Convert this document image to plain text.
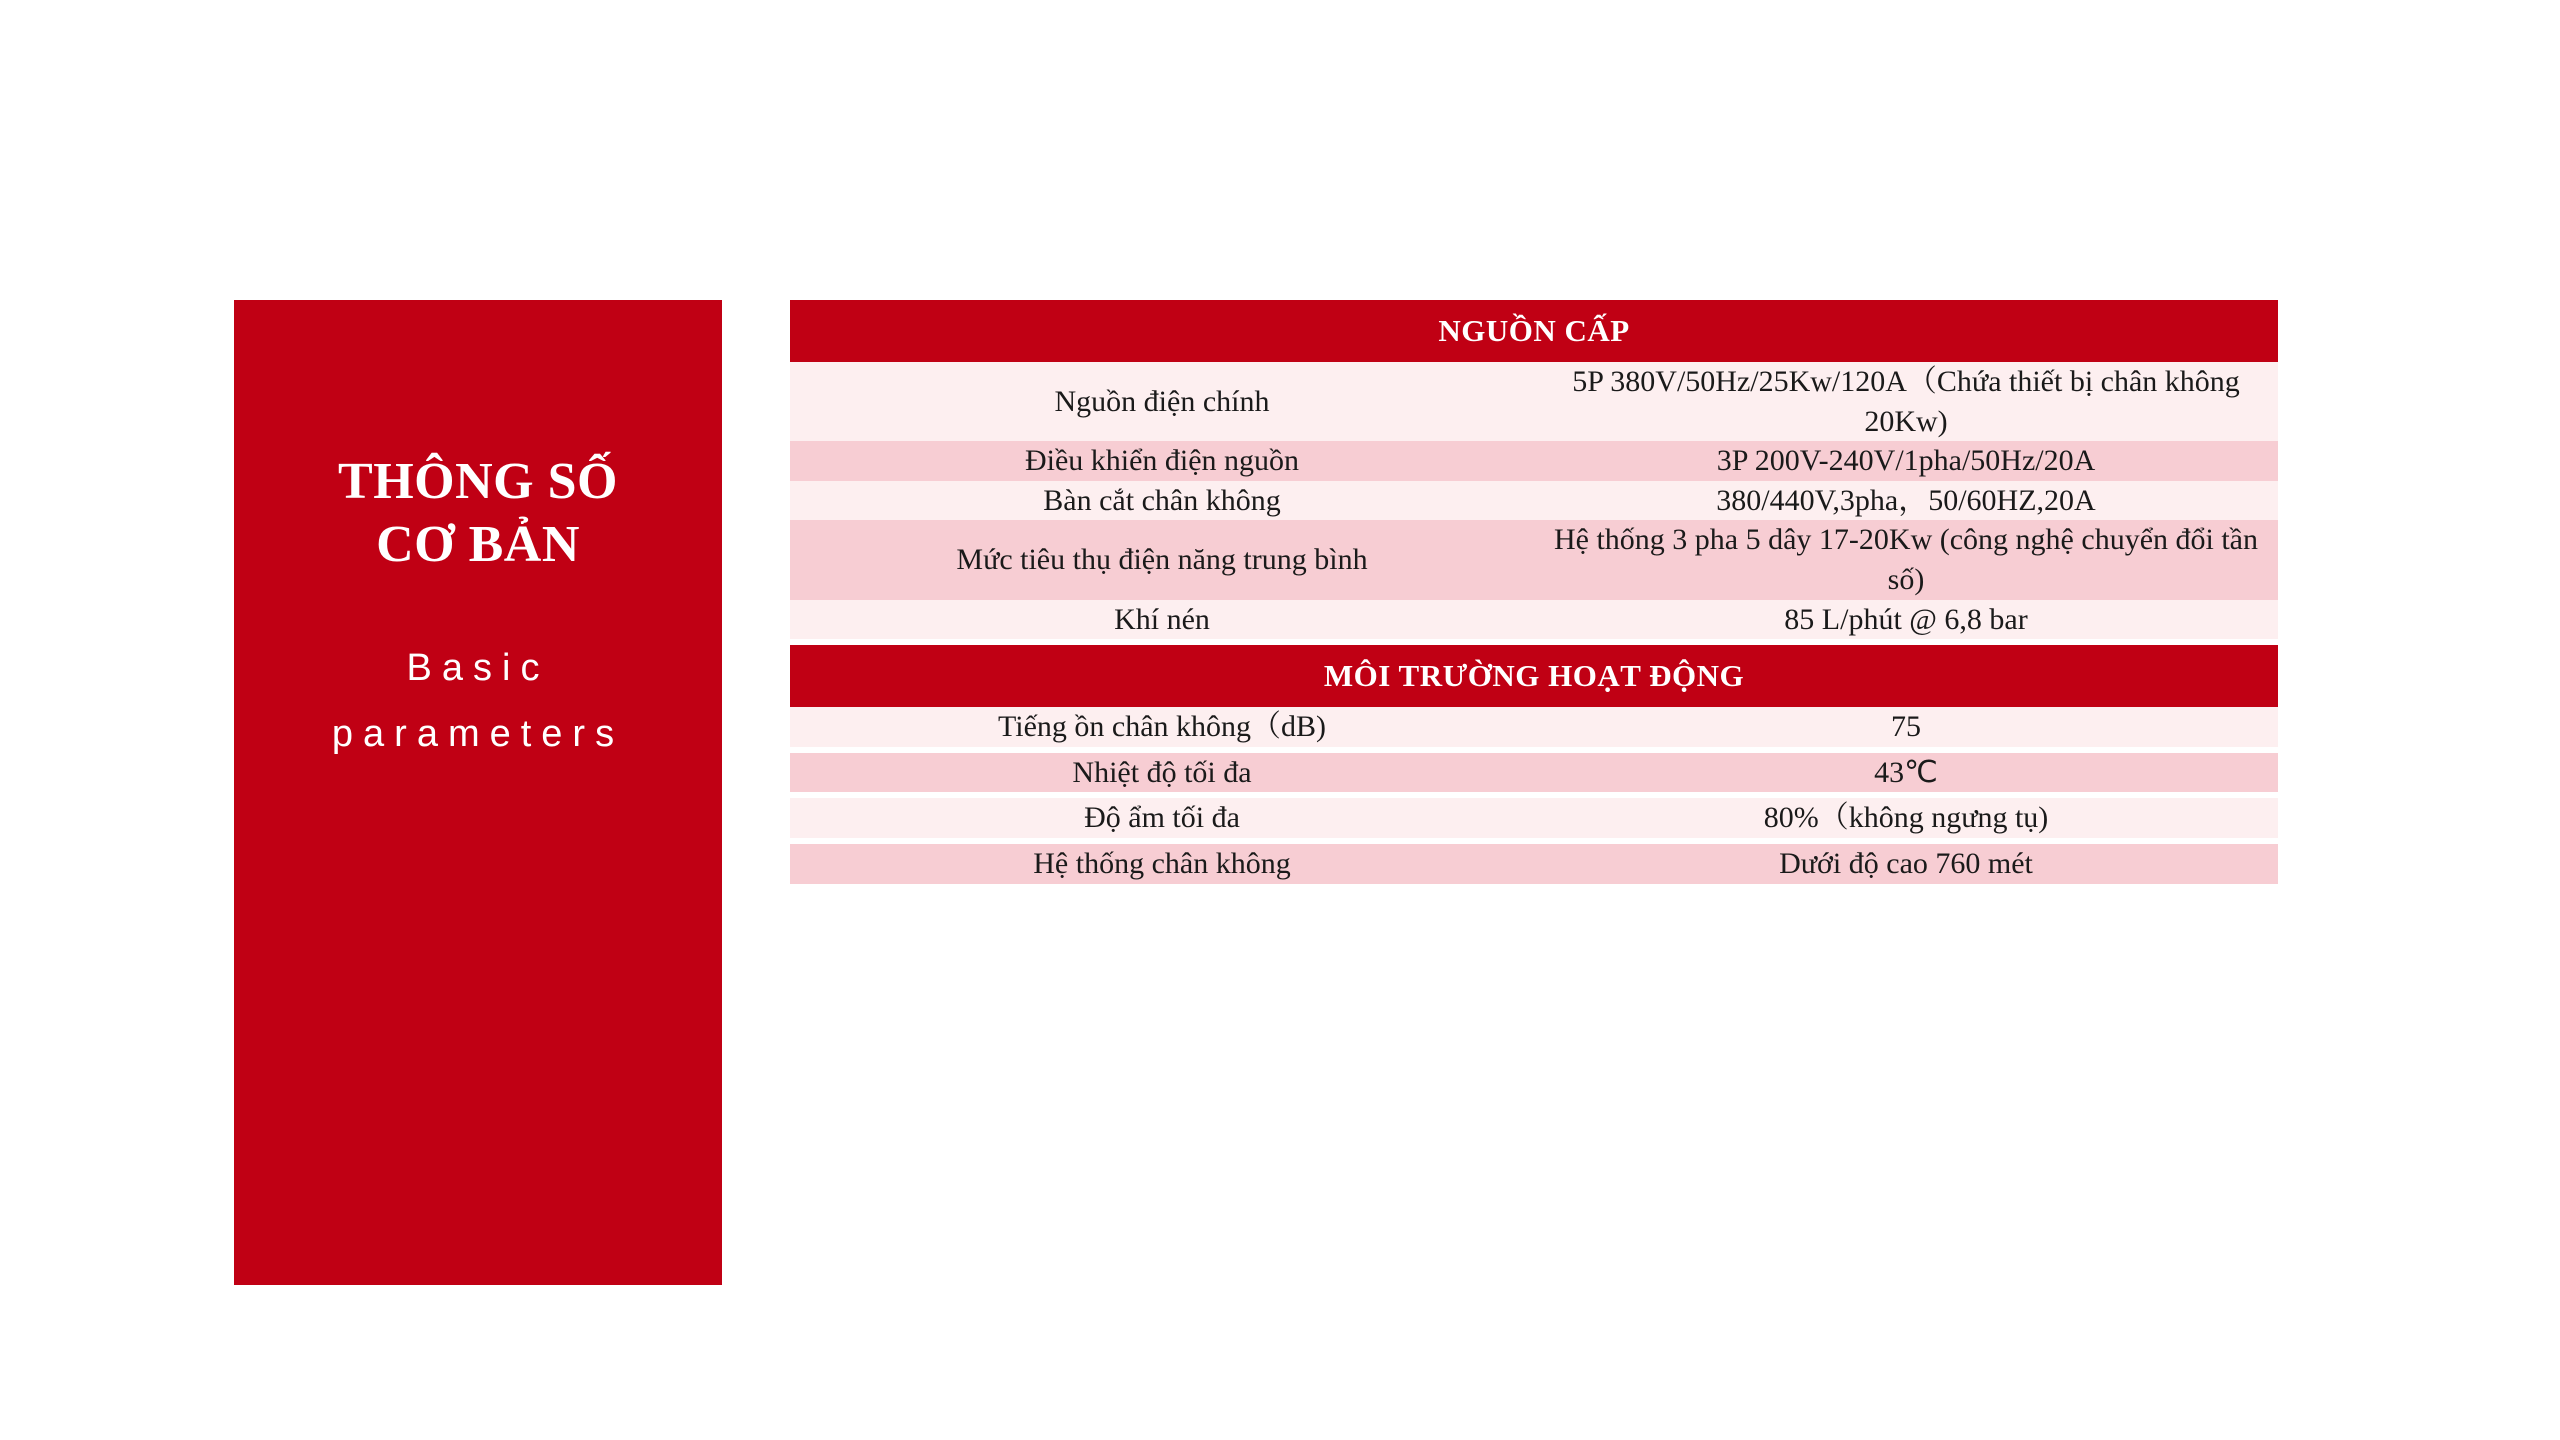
THÔNG SỐ
CƠ BẢN
Basic
parameters
NGUỒN CẤP	
Nguồn điện chính	5P 380V/50Hz/25Kw/120A（Chứa thiết bị chân không 20Kw)
Điều khiển điện nguồn	3P 200V-240V/1pha/50Hz/20A
Bàn cắt chân không	380/440V,3pha，50/60HZ,20A
Mức tiêu thụ điện năng trung bình	Hệ thống 3 pha 5 dây 17-20Kw (công nghệ chuyển đổi tần số)
Khí nén	85 L/phút @ 6,8 bar

MÔI TRƯỜNG HOẠT ĐỘNG	
Tiếng ồn chân không（dB)	75

Nhiệt độ tối đa	43℃

Độ ẩm tối đa	80%（không ngưng tụ)

Hệ thống chân không	Dưới độ cao 760 mét
